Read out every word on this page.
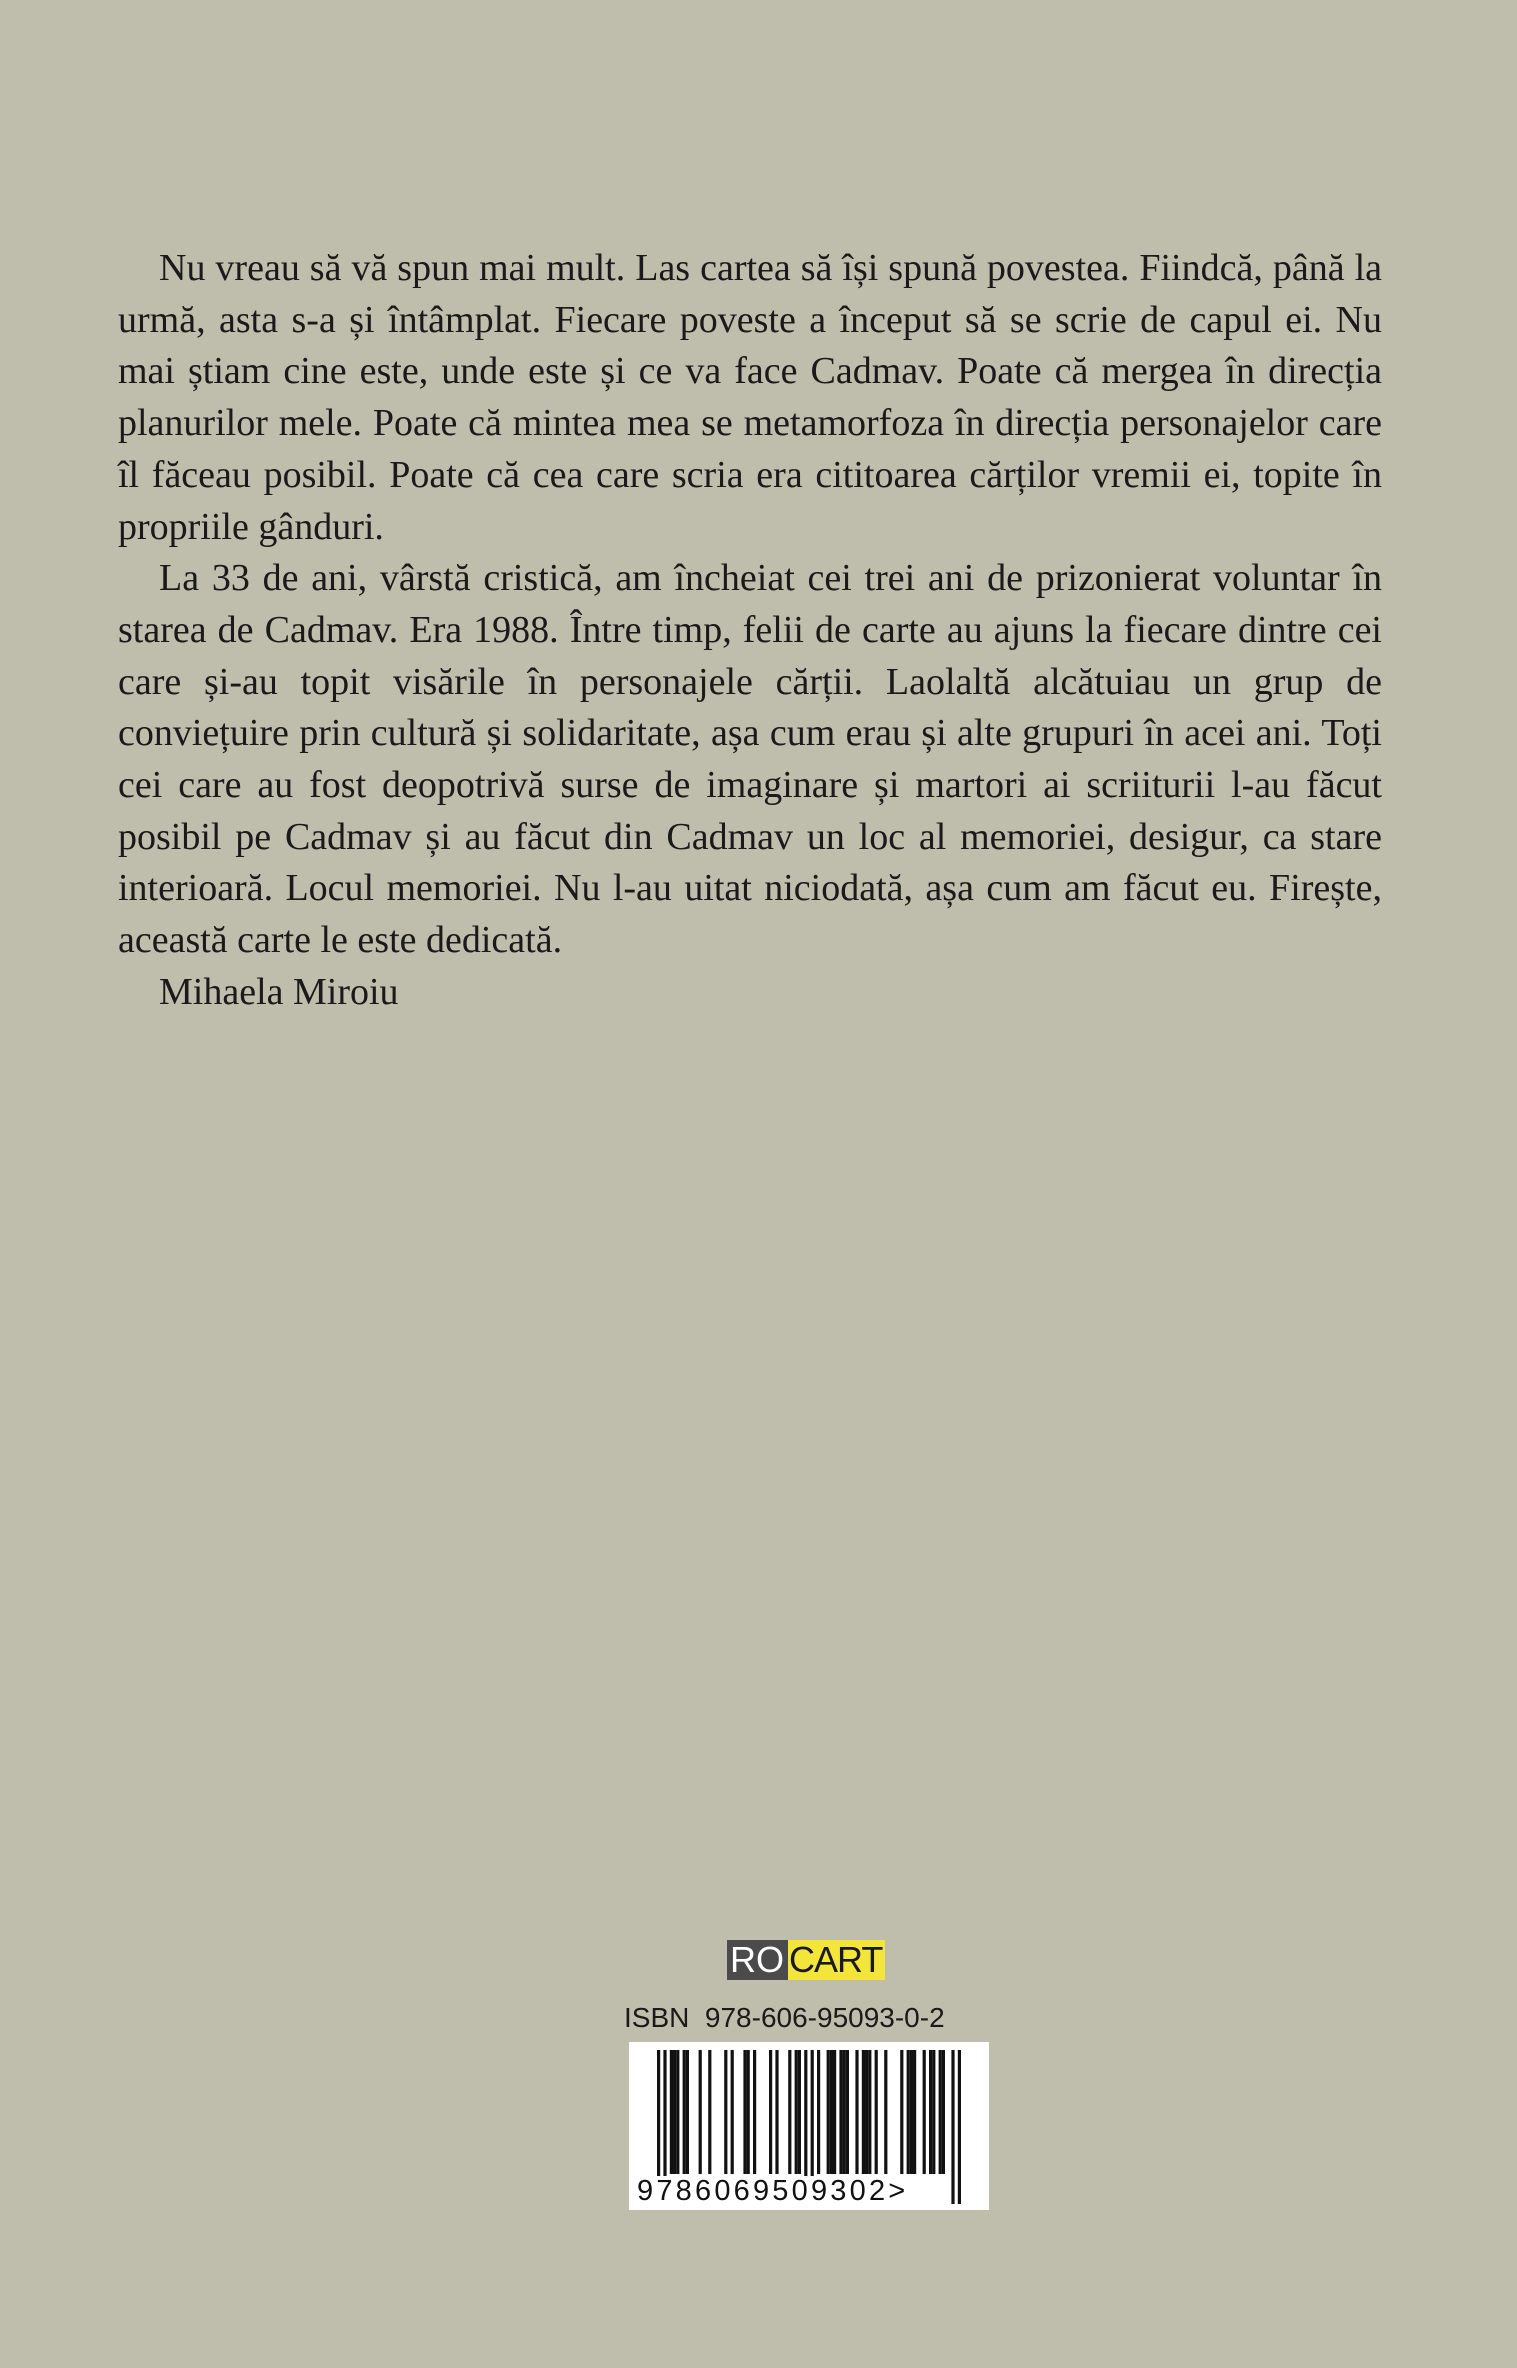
Nu vreau să vă spun mai mult. Las cartea să își spună povestea. Fiindcă, până la urmă, asta s-a și întâmplat. Fiecare poveste a început să se scrie de capul ei. Nu mai știam cine este, unde este și ce va face Cadmav. Poate că mergea în direcția planurilor mele. Poate că mintea mea se metamorfoza în direcția personajelor care îl făceau posibil. Poate că cea care scria era cititoarea cărților vremii ei, topite în propriile gânduri.

La 33 de ani, vârstă cristică, am încheiat cei trei ani de prizonierat voluntar în starea de Cadmav. Era 1988. Între timp, felii de carte au ajuns la fiecare dintre cei care și-au topit visările în personajele cărții. Laolaltă alcătuiau un grup de conviețuire prin cultură și solidaritate, așa cum erau și alte grupuri în acei ani. Toți cei care au fost deopotrivă surse de imaginare și martori ai scriiturii l-au făcut posibil pe Cadmav și au făcut din Cadmav un loc al memoriei, desigur, ca stare interioară. Locul memoriei. Nu l-au uitat niciodată, așa cum am făcut eu. Firește, această carte le este dedicată.

Mihaela Miroiu

RO CART
ISBN  978-606-95093-0-2
9786069509302>
